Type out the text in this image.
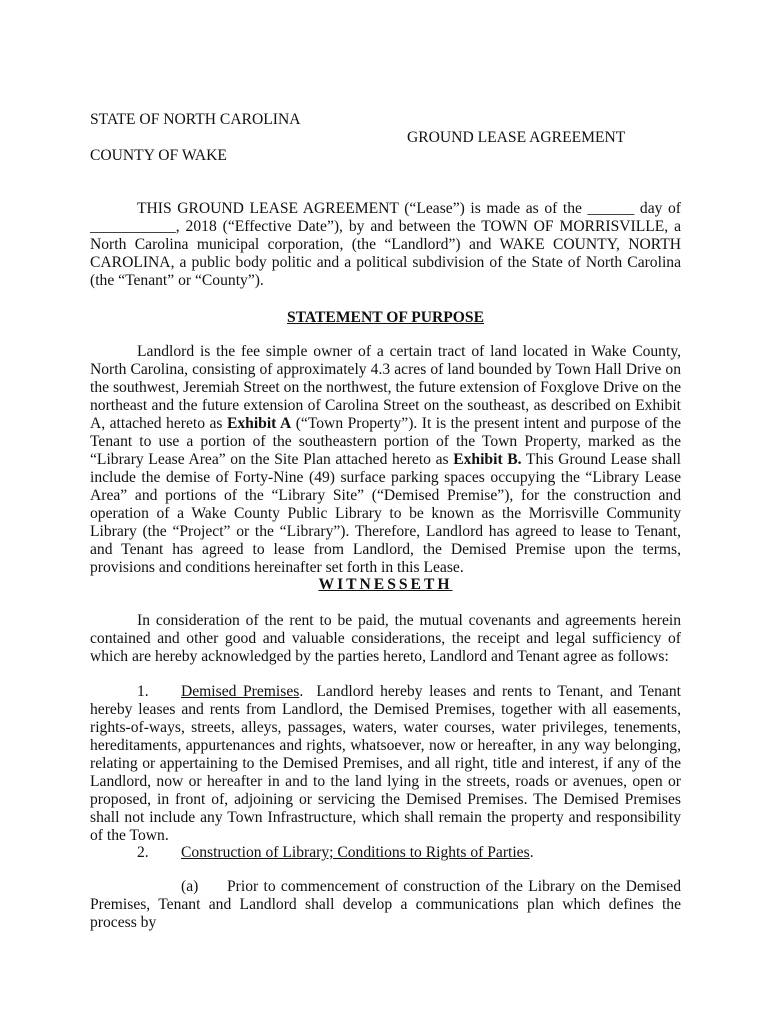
STATE OF NORTH CAROLINA
GROUND LEASE AGREEMENT
COUNTY OF WAKE
THIS GROUND LEASE AGREEMENT (“Lease”) is made as of the ______ day of ___________, 2018 (“Effective Date”), by and between the TOWN OF MORRISVILLE, a North Carolina municipal corporation, (the “Landlord”) and WAKE COUNTY, NORTH CAROLINA, a public body politic and a political subdivision of the State of North Carolina (the “Tenant” or “County”).
STATEMENT OF PURPOSE
Landlord is the fee simple owner of a certain tract of land located in Wake County, North Carolina, consisting of approximately 4.3 acres of land bounded by Town Hall Drive on the southwest, Jeremiah Street on the northwest, the future extension of Foxglove Drive on the northeast and the future extension of Carolina Street on the southeast, as described on Exhibit A, attached hereto as Exhibit A (“Town Property”). It is the present intent and purpose of the Tenant to use a portion of the southeastern portion of the Town Property, marked as the “Library Lease Area” on the Site Plan attached hereto as Exhibit B. This Ground Lease shall include the demise of Forty-Nine (49) surface parking spaces occupying the “Library Lease Area” and portions of the “Library Site” (“Demised Premise”), for the construction and operation of a Wake County Public Library to be known as the Morrisville Community Library (the “Project” or the “Library”). Therefore, Landlord has agreed to lease to Tenant, and Tenant has agreed to lease from Landlord, the Demised Premise upon the terms, provisions and conditions hereinafter set forth in this Lease.
WITNESSETH
In consideration of the rent to be paid, the mutual covenants and agreements herein contained and other good and valuable considerations, the receipt and legal sufficiency of which are hereby acknowledged by the parties hereto, Landlord and Tenant agree as follows:
1. Demised Premises.  Landlord hereby leases and rents to Tenant, and Tenant hereby leases and rents from Landlord, the Demised Premises, together with all easements, rights-of-ways, streets, alleys, passages, waters, water courses, water privileges, tenements, hereditaments, appurtenances and rights, whatsoever, now or hereafter, in any way belonging, relating or appertaining to the Demised Premises, and all right, title and interest, if any of the Landlord, now or hereafter in and to the land lying in the streets, roads or avenues, open or proposed, in front of, adjoining or servicing the Demised Premises. The Demised Premises shall not include any Town Infrastructure, which shall remain the property and responsibility of the Town.
2. Construction of Library; Conditions to Rights of Parties.
(a) Prior to commencement of construction of the Library on the Demised Premises, Tenant and Landlord shall develop a communications plan which defines the process by
